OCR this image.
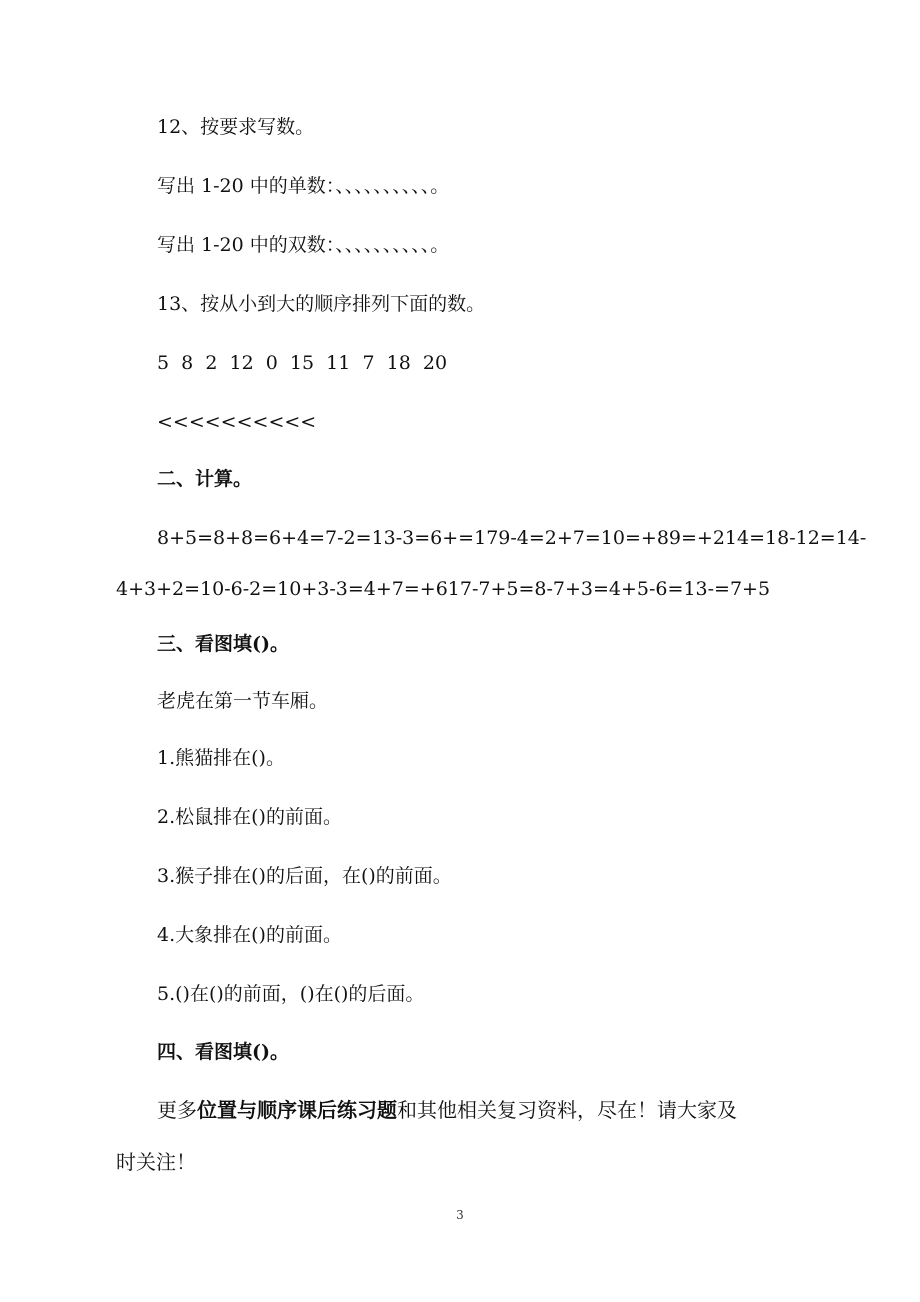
12、按要求写数。
写出 1-20 中的单数：、、、、、、、、、、。
写出 1-20 中的双数：、、、、、、、、、、。
13、按从小到大的顺序排列下面的数。
5  8  2  12  0  15  11  7  18  20
<<<<<<<<<<
二、计算。
8+5=8+8=6+4=7-2=13-3=6+=179-4=2+7=10=+89=+214=18-12=14-
4+3+2=10-6-2=10+3-3=4+7=+617-7+5=8-7+3=4+5-6=13-=7+5
三、看图填()。
老虎在第一节车厢。
1.熊猫排在()。
2.松鼠排在()的前面。
3.猴子排在()的后面，在()的前面。
4.大象排在()的前面。
5.()在()的前面，()在()的后面。
四、看图填()。
更多位置与顺序课后练习题和其他相关复习资料，尽在！请大家及
时关注！
3
